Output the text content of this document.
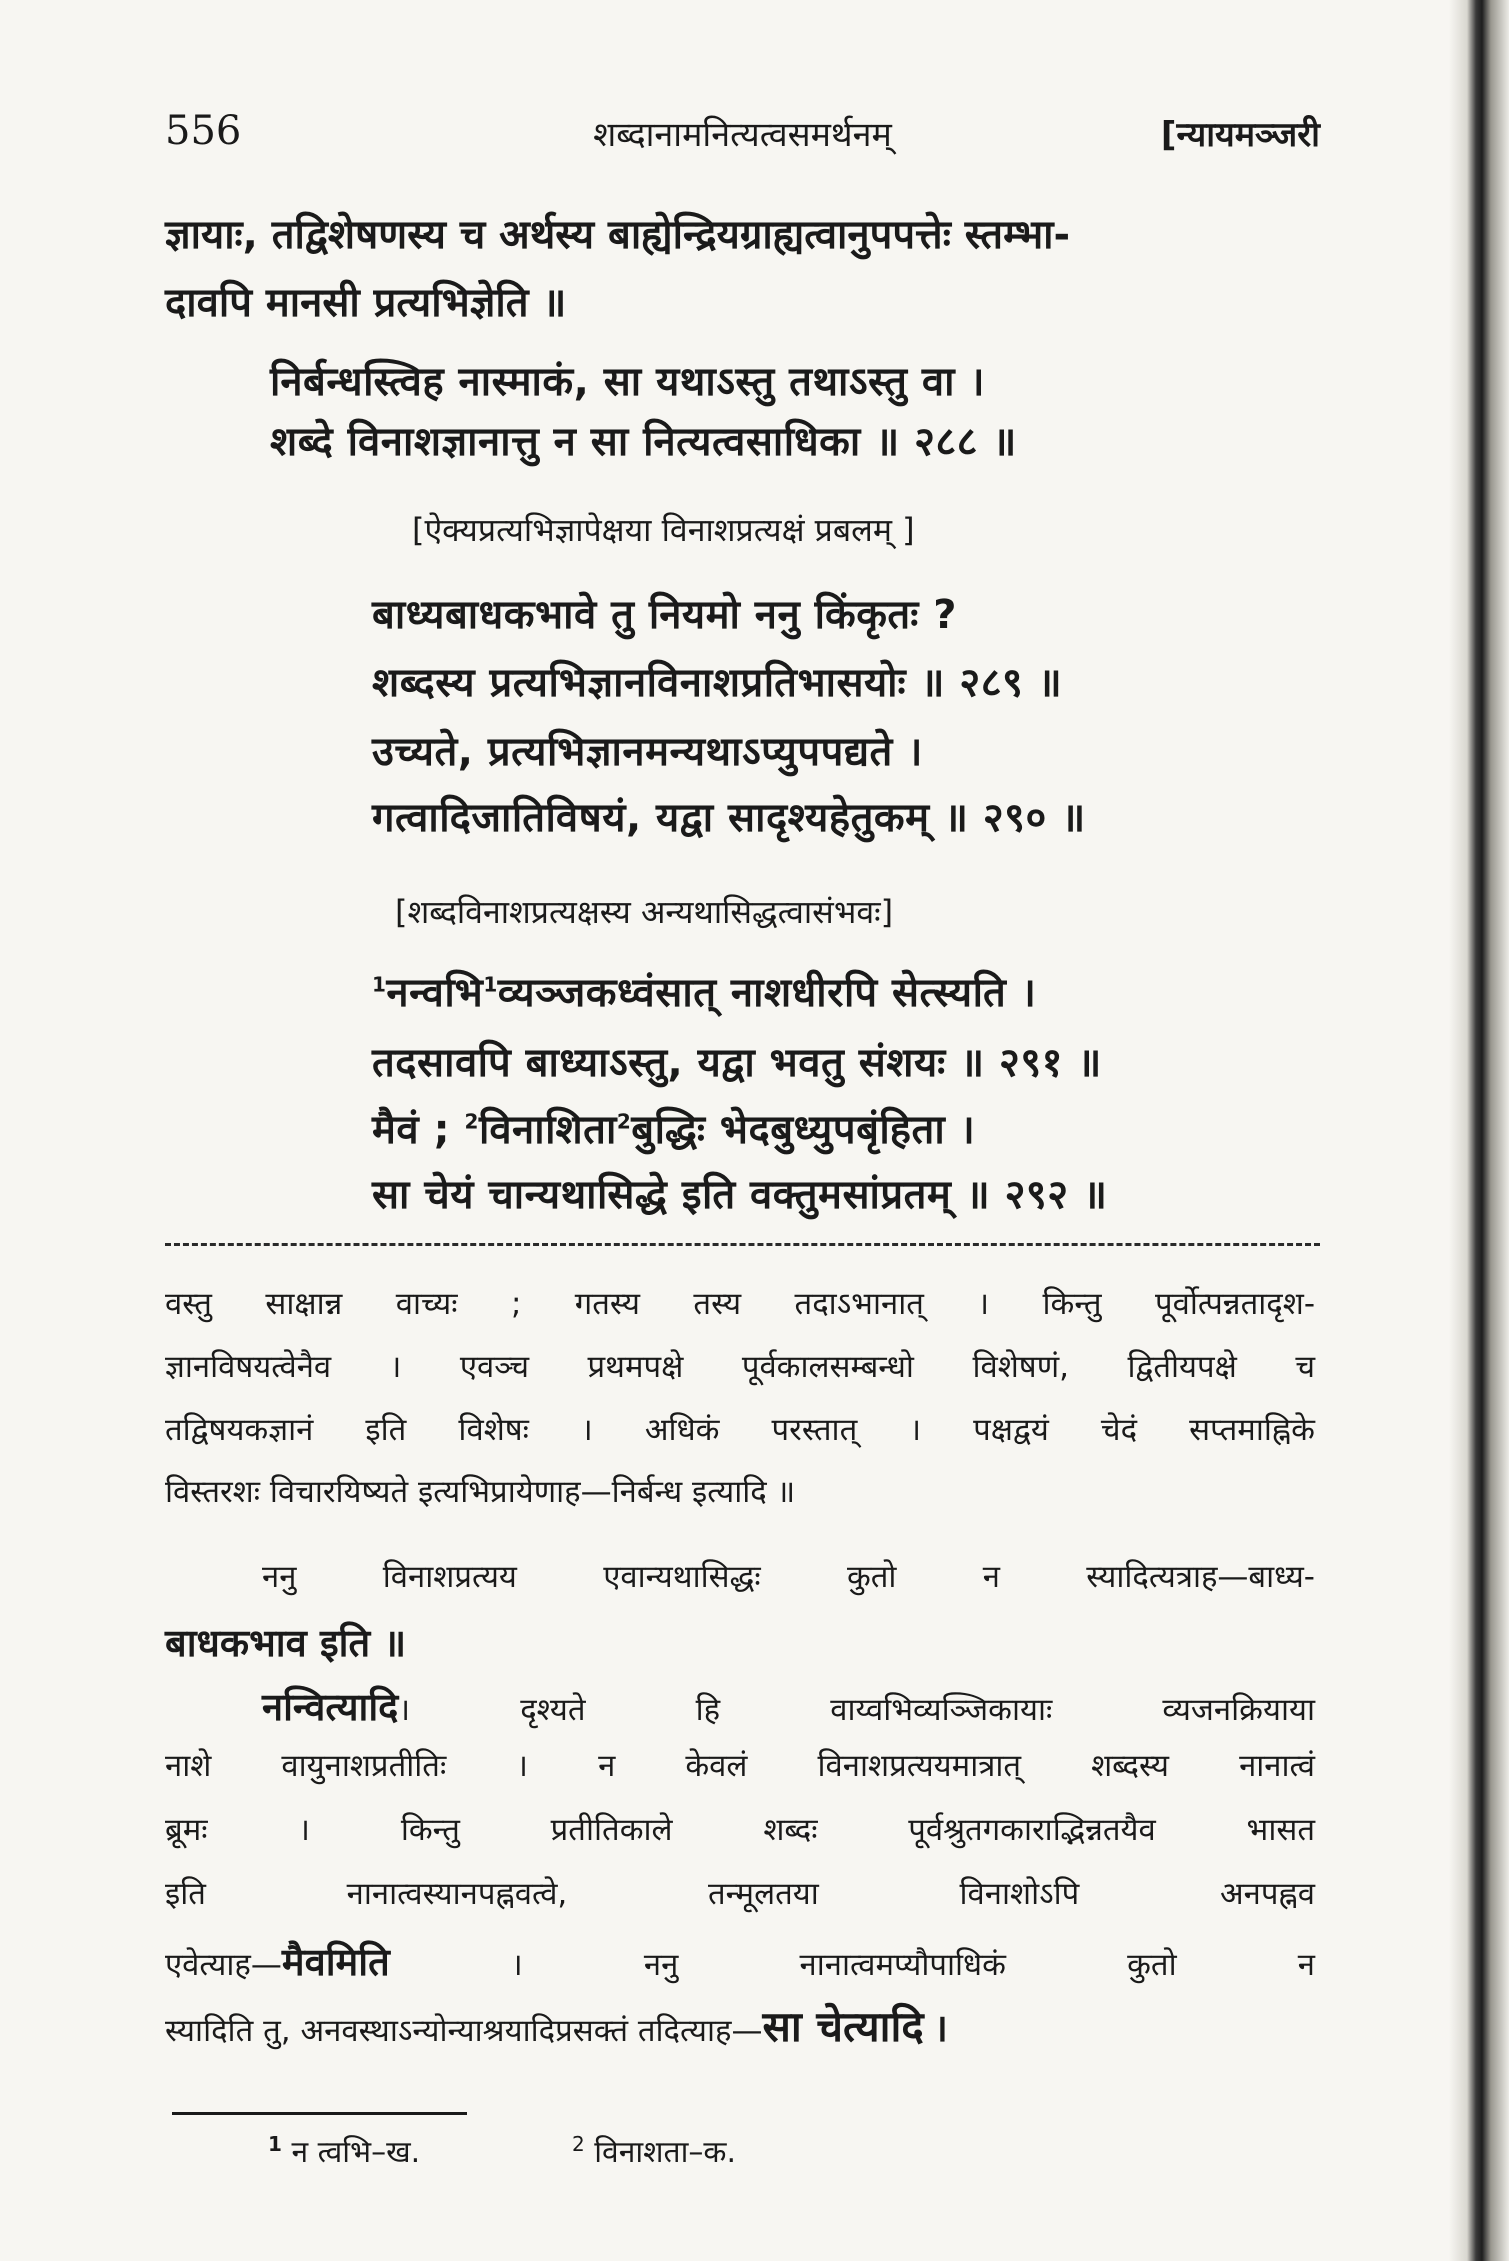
556	शब्दानामनित्यत्वसमर्थनम्	[न्यायमञ्जरी
ज्ञायाः, तद्विशेषणस्य च अर्थस्य बाह्येन्द्रियग्राह्यत्वानुपपत्तेः स्तम्भा-
दावपि मानसी प्रत्यभिज्ञेति ॥
निर्बन्धस्त्विह नास्माकं, सा यथाऽस्तु तथाऽस्तु वा ।
शब्दे विनाशज्ञानात्तु न सा नित्यत्वसाधिका ॥ २८८ ॥
[ऐक्यप्रत्यभिज्ञापेक्षया विनाशप्रत्यक्षं प्रबलम् ]
बाध्यबाधकभावे तु नियमो ननु किंकृतः ?
शब्दस्य प्रत्यभिज्ञानविनाशप्रतिभासयोः ॥ २८९ ॥
उच्यते, प्रत्यभिज्ञानमन्यथाऽप्युपपद्यते ।
गत्वादिजातिविषयं, यद्वा सादृश्यहेतुकम् ॥ २९० ॥
[शब्दविनाशप्रत्यक्षस्य अन्यथासिद्धत्वासंभवः]
$^1$नन्वभि$^1$व्यञ्जकध्वंसात् नाशधीरपि सेत्स्यति ।
तदसावपि बाध्याऽस्तु, यद्वा भवतु संशयः ॥ २९१ ॥
मैवं ; $^2$विनाशिता$^2$बुद्धिः भेदबुध्युपबृंहिता ।
सा चेयं चान्यथासिद्धे इति वक्तुमसांप्रतम् ॥ २९२ ॥
वस्तु साक्षान्न वाच्यः ; गतस्य तस्य तदाऽभानात् । किन्तु पूर्वोत्पन्नतादृश-
ज्ञानविषयत्वेनैव । एवञ्च प्रथमपक्षे पूर्वकालसम्बन्धो विशेषणं, द्वितीयपक्षे च
तद्विषयकज्ञानं इति विशेषः । अधिकं परस्तात् । पक्षद्वयं चेदं सप्तमाह्निके
विस्तरशः विचारयिष्यते इत्यभिप्रायेणाह—निर्बन्ध इत्यादि ॥
ननु विनाशप्रत्यय एवान्यथासिद्धः कुतो न स्यादित्यत्राह—बाध्य-
बाधकभाव इति ॥
नन्वित्यादि। दृश्यते हि वाय्वभिव्यञ्जिकायाः व्यजनक्रियाया
नाशे वायुनाशप्रतीतिः । न केवलं विनाशप्रत्ययमात्रात् शब्दस्य नानात्वं
ब्रूमः । किन्तु प्रतीतिकाले शब्दः पूर्वश्रुतगकाराद्भिन्नतयैव भासत
इति नानात्वस्यानपह्नवत्वे, तन्मूलतया विनाशोऽपि अनपह्नव
एवेत्याह—मैवमिति	। ननु नानात्वमप्यौपाधिकं कुतो न
स्यादिति तु, अनवस्थाऽन्योन्याश्रयादिप्रसक्तं तदित्याह—सा चेत्यादि ।
$^1$ न त्वभि–ख.	$^2$ विनाशता–क.
